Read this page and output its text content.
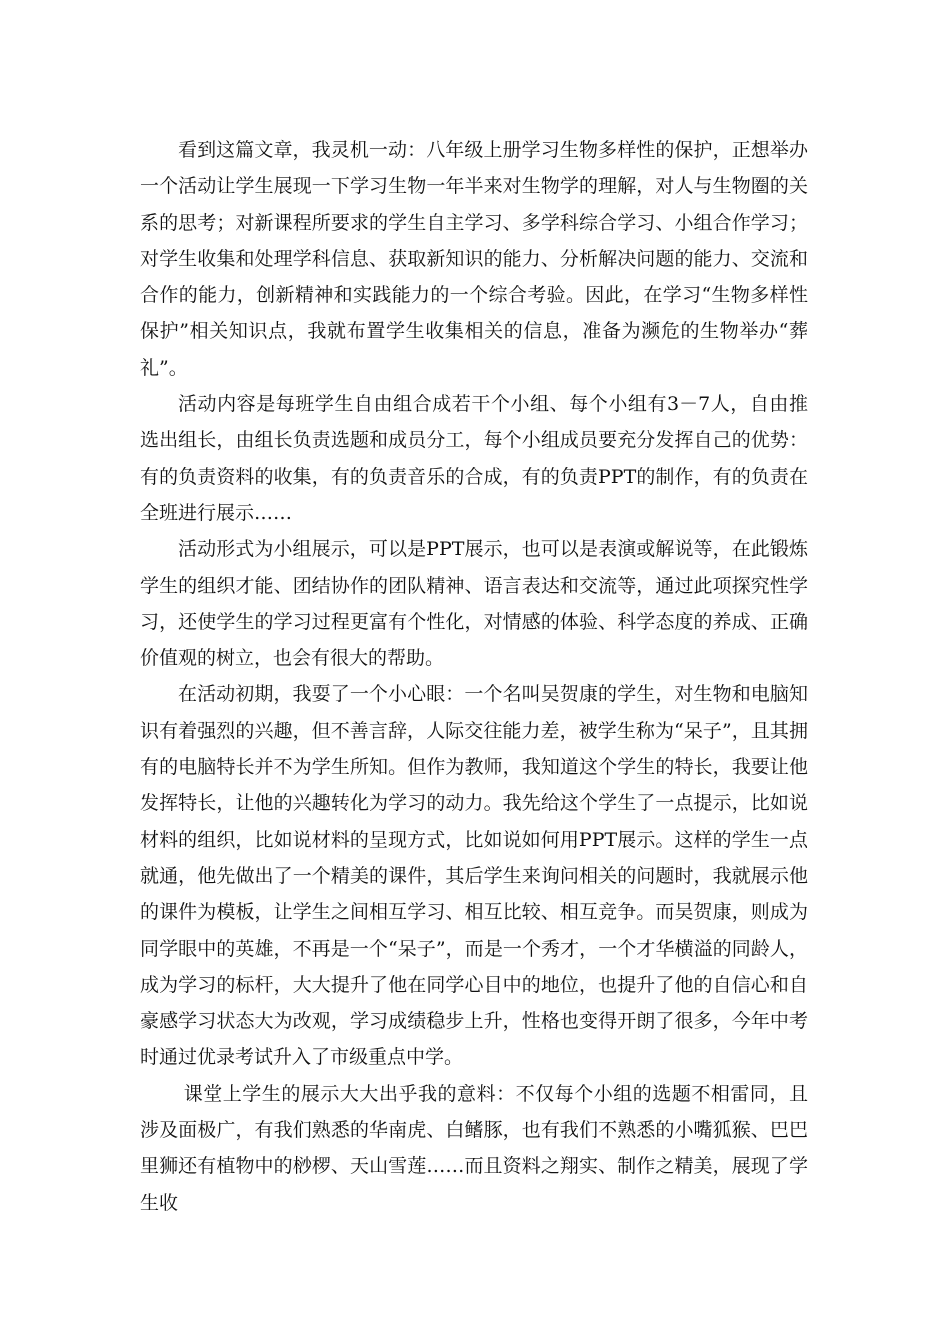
看到这篇文章，我灵机一动：八年级上册学习生物多样性的保护，正想举办一个活动让学生展现一下学习生物一年半来对生物学的理解，对人与生物圈的关系的思考；对新课程所要求的学生自主学习、多学科综合学习、小组合作学习；对学生收集和处理学科信息、获取新知识的能力、分析解决问题的能力、交流和合作的能力，创新精神和实践能力的一个综合考验。因此，在学习“生物多样性保护”相关知识点，我就布置学生收集相关的信息，准备为濒危的生物举办“葬礼”。

活动内容是每班学生自由组合成若干个小组、每个小组有3－7人，自由推选出组长，由组长负责选题和成员分工，每个小组成员要充分发挥自己的优势：有的负责资料的收集，有的负责音乐的合成，有的负责PPT的制作，有的负责在全班进行展示……

活动形式为小组展示，可以是PPT展示，也可以是表演或解说等，在此锻炼学生的组织才能、团结协作的团队精神、语言表达和交流等，通过此项探究性学习，还使学生的学习过程更富有个性化，对情感的体验、科学态度的养成、正确价值观的树立，也会有很大的帮助。

在活动初期，我耍了一个小心眼：一个名叫吴贺康的学生，对生物和电脑知识有着强烈的兴趣，但不善言辞，人际交往能力差，被学生称为“呆子”，且其拥有的电脑特长并不为学生所知。但作为教师，我知道这个学生的特长，我要让他发挥特长，让他的兴趣转化为学习的动力。我先给这个学生了一点提示，比如说材料的组织，比如说材料的呈现方式，比如说如何用PPT展示。这样的学生一点就通，他先做出了一个精美的课件，其后学生来询问相关的问题时，我就展示他的课件为模板，让学生之间相互学习、相互比较、相互竞争。而吴贺康，则成为同学眼中的英雄，不再是一个“呆子”，而是一个秀才，一个才华横溢的同龄人，成为学习的标杆，大大提升了他在同学心目中的地位，也提升了他的自信心和自豪感学习状态大为改观，学习成绩稳步上升，性格也变得开朗了很多，今年中考时通过优录考试升入了市级重点中学。

课堂上学生的展示大大出乎我的意料：不仅每个小组的选题不相雷同，且涉及面极广，有我们熟悉的华南虎、白鳍豚，也有我们不熟悉的小嘴狐猴、巴巴里狮还有植物中的桫椤、天山雪莲……而且资料之翔实、制作之精美，展现了学生收
